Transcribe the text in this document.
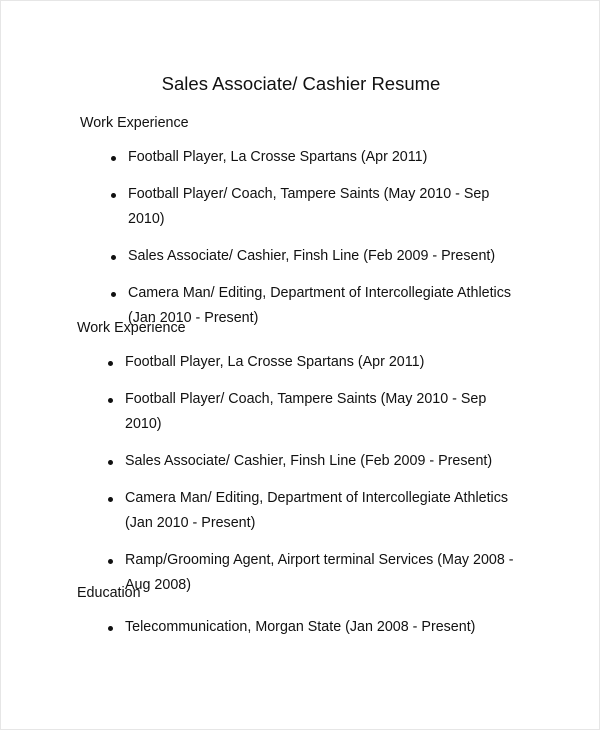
Sales Associate/ Cashier Resume
Work Experience
Football Player, La Crosse Spartans (Apr 2011)
Football Player/ Coach, Tampere Saints (May 2010 - Sep 2010)
Sales Associate/ Cashier, Finsh Line (Feb 2009 - Present)
Camera Man/ Editing, Department of Intercollegiate Athletics (Jan 2010 - Present)
Work Experience
Football Player, La Crosse Spartans (Apr 2011)
Football Player/ Coach, Tampere Saints (May 2010 - Sep 2010)
Sales Associate/ Cashier, Finsh Line (Feb 2009 - Present)
Camera Man/ Editing, Department of Intercollegiate Athletics (Jan 2010 - Present)
Ramp/Grooming Agent, Airport terminal Services (May 2008 - Aug 2008)
Education
Telecommunication, Morgan State (Jan 2008 - Present)
